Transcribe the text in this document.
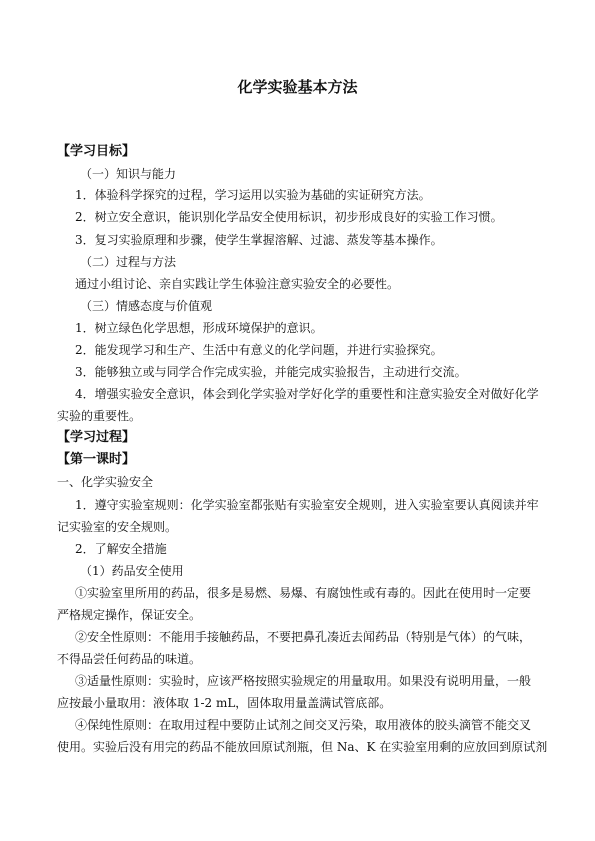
化学实验基本方法
【学习目标】
（一）知识与能力
1．体验科学探究的过程，学习运用以实验为基础的实证研究方法。
2．树立安全意识，能识别化学品安全使用标识，初步形成良好的实验工作习惯。
3．复习实验原理和步骤，使学生掌握溶解、过滤、蒸发等基本操作。
（二）过程与方法
通过小组讨论、亲自实践让学生体验注意实验安全的必要性。
（三）情感态度与价值观
1．树立绿色化学思想，形成环境保护的意识。
2．能发现学习和生产、生活中有意义的化学问题，并进行实验探究。
3．能够独立或与同学合作完成实验，并能完成实验报告，主动进行交流。
4．增强实验安全意识，体会到化学实验对学好化学的重要性和注意实验安全对做好化学
实验的重要性。
【学习过程】
【第一课时】
一、化学实验安全
1．遵守实验室规则：化学实验室都张贴有实验室安全规则，进入实验室要认真阅读并牢
记实验室的安全规则。
2．了解安全措施
（1）药品安全使用
①实验室里所用的药品，很多是易燃、易爆、有腐蚀性或有毒的。因此在使用时一定要
严格规定操作，保证安全。
②安全性原则：不能用手接触药品，不要把鼻孔凑近去闻药品（特别是气体）的气味，
不得品尝任何药品的味道。
③适量性原则：实验时，应该严格按照实验规定的用量取用。如果没有说明用量，一般
应按最小量取用：液体取 1-2 mL，固体取用量盖满试管底部。
④保纯性原则：在取用过程中要防止试剂之间交叉污染，取用液体的胶头滴管不能交叉
使用。实验后没有用完的药品不能放回原试剂瓶，但 Na、K 在实验室用剩的应放回到原试剂
